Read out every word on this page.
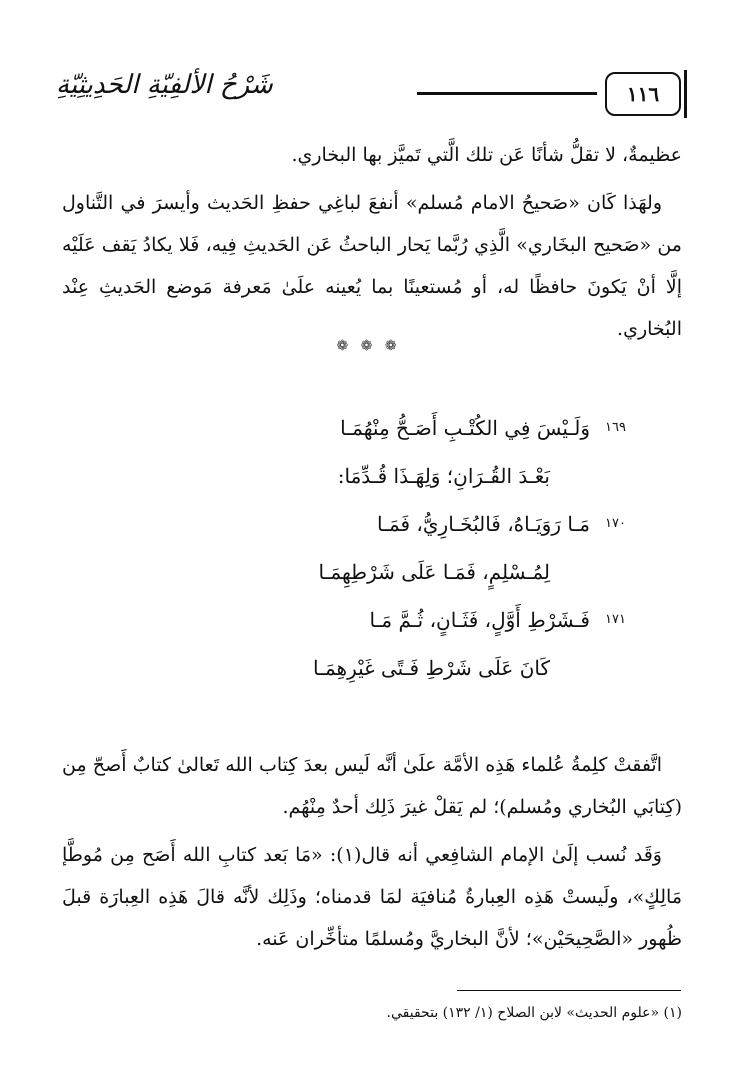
١١٦
شَرْحُ الألفِيّةِ الحَدِيثِيّةِ

عظيمةٌ، لا تقلُّ شأنًا عَن تلك الَّتي تَميَّز بها البخاري.

ولهَذا كَان «صَحيحُ الامام مُسلم» أنفعَ لباغِي حفظِ الحَديث وأيسرَ في التَّناول من «صَحيح البخَاري» الَّذِي رُبَّما يَحار الباحثُ عَن الحَديثِ فِيه، فَلا يكادُ يَقف عَلَيْه إلَّا أنْ يَكونَ حافظًا له، أو مُستعينًا بما يُعينه علَىٰ مَعرفة مَوضع الحَديثِ عِنْد البُخاري.

❁ ❁ ❁
١٦٩
وَلَـيْسَ فِي الكُتْـبِ أَصَـحُّ مِنْهُمَـا
بَعْـدَ القُـرَانِ؛ وَلِهَـذَا قُـدِّمَا:
١٧٠
مَـا رَوَيَـاهُ، فَالبُخَـارِيُّ، فَمَـا
لِمُـسْلِمٍ، فَمَـا عَلَى شَرْطِهِمَـا
١٧١
فَـشَرْطِ أَوَّلٍ، فَثَـانٍ، ثُـمَّ مَـا
كَانَ عَلَى شَرْطِ فَـتًى غَيْرِهِمَـا

اتَّفقتْ كلِمةُ عُلماء هَذِه الأمَّة علَىٰ أنَّه لَيس بعدَ كِتاب الله تَعالىٰ كتابٌ أَصحّ مِن (كِتابَي البُخاري ومُسلم)؛ لم يَقلْ غيرَ ذَلِك أحدٌ مِنْهُم.

وَقَد نُسب إلَىٰ الإمام الشافِعي أنه قال(١): «مَا بَعد كتابِ الله أَصَح مِن مُوطَّإ مَالِكٍ»، ولَيستْ هَذِه العِبارةُ مُنافيَة لمَا قدمناه؛ وذَلِك لأنَّه قالَ هَذِه العِبارَة قبلَ ظُهور «الصَّحِيحَيْن»؛ لأنَّ البخاريَّ ومُسلمًا متأخِّران عَنه.

(١) «علوم الحديث» لابن الصلاح (١/ ١٣٢) بتحقيقي.
